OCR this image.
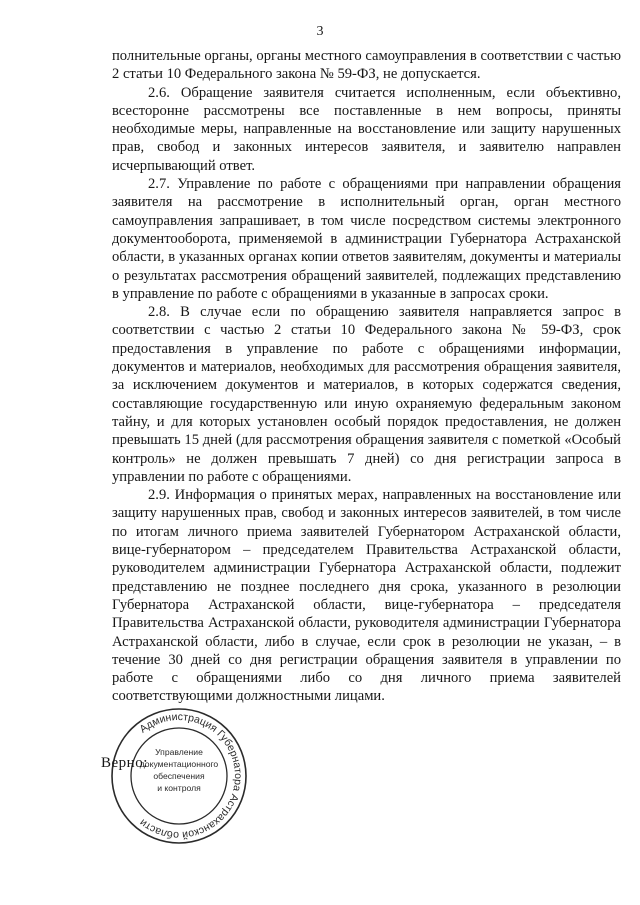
3

полнительные органы, органы местного самоуправления в соответствии с частью 2 статьи 10 Федерального закона № 59-ФЗ, не допускается.

2.6. Обращение заявителя считается исполненным, если объективно, всесторонне рассмотрены все поставленные в нем вопросы, приняты необходимые меры, направленные на восстановление или защиту нарушенных прав, свобод и законных интересов заявителя, и заявителю направлен исчерпывающий ответ.

2.7. Управление по работе с обращениями при направлении обращения заявителя на рассмотрение в исполнительный орган, орган местного самоуправления запрашивает, в том числе посредством системы электронного документооборота, применяемой в администрации Губернатора Астраханской области, в указанных органах копии ответов заявителям, документы и материалы о результатах рассмотрения обращений заявителей, подлежащих представлению в управление по работе с обращениями в указанные в запросах сроки.

2.8. В случае если по обращению заявителя направляется запрос в соответствии с частью 2 статьи 10 Федерального закона № 59-ФЗ, срок предоставления в управление по работе с обращениями информации, документов и материалов, необходимых для рассмотрения обращения заявителя, за исключением документов и материалов, в которых содержатся сведения, составляющие государственную или иную охраняемую федеральным законом тайну, и для которых установлен особый порядок предоставления, не должен превышать 15 дней (для рассмотрения обращения заявителя с пометкой «Особый контроль» не должен превышать 7 дней) со дня регистрации запроса в управлении по работе с обращениями.

2.9. Информация о принятых мерах, направленных на восстановление или защиту нарушенных прав, свобод и законных интересов заявителей, в том числе по итогам личного приема заявителей Губернатором Астраханской области, вице-губернатором – председателем Правительства Астраханской области, руководителем администрации Губернатора Астраханской области, подлежит представлению не позднее последнего дня срока, указанного в резолюции Губернатора Астраханской области, вице-губернатора – председателя Правительства Астраханской области, руководителя администрации Губернатора Астраханской области, либо в случае, если срок в резолюции не указан, – в течение 30 дней со дня регистрации обращения заявителя в управлении по работе с обращениями либо со дня личного приема заявителей соответствующими должностными лицами.

Администрация Губернатора Астраханской области
Управление
документационного
обеспечения
и контроля
Верно:
